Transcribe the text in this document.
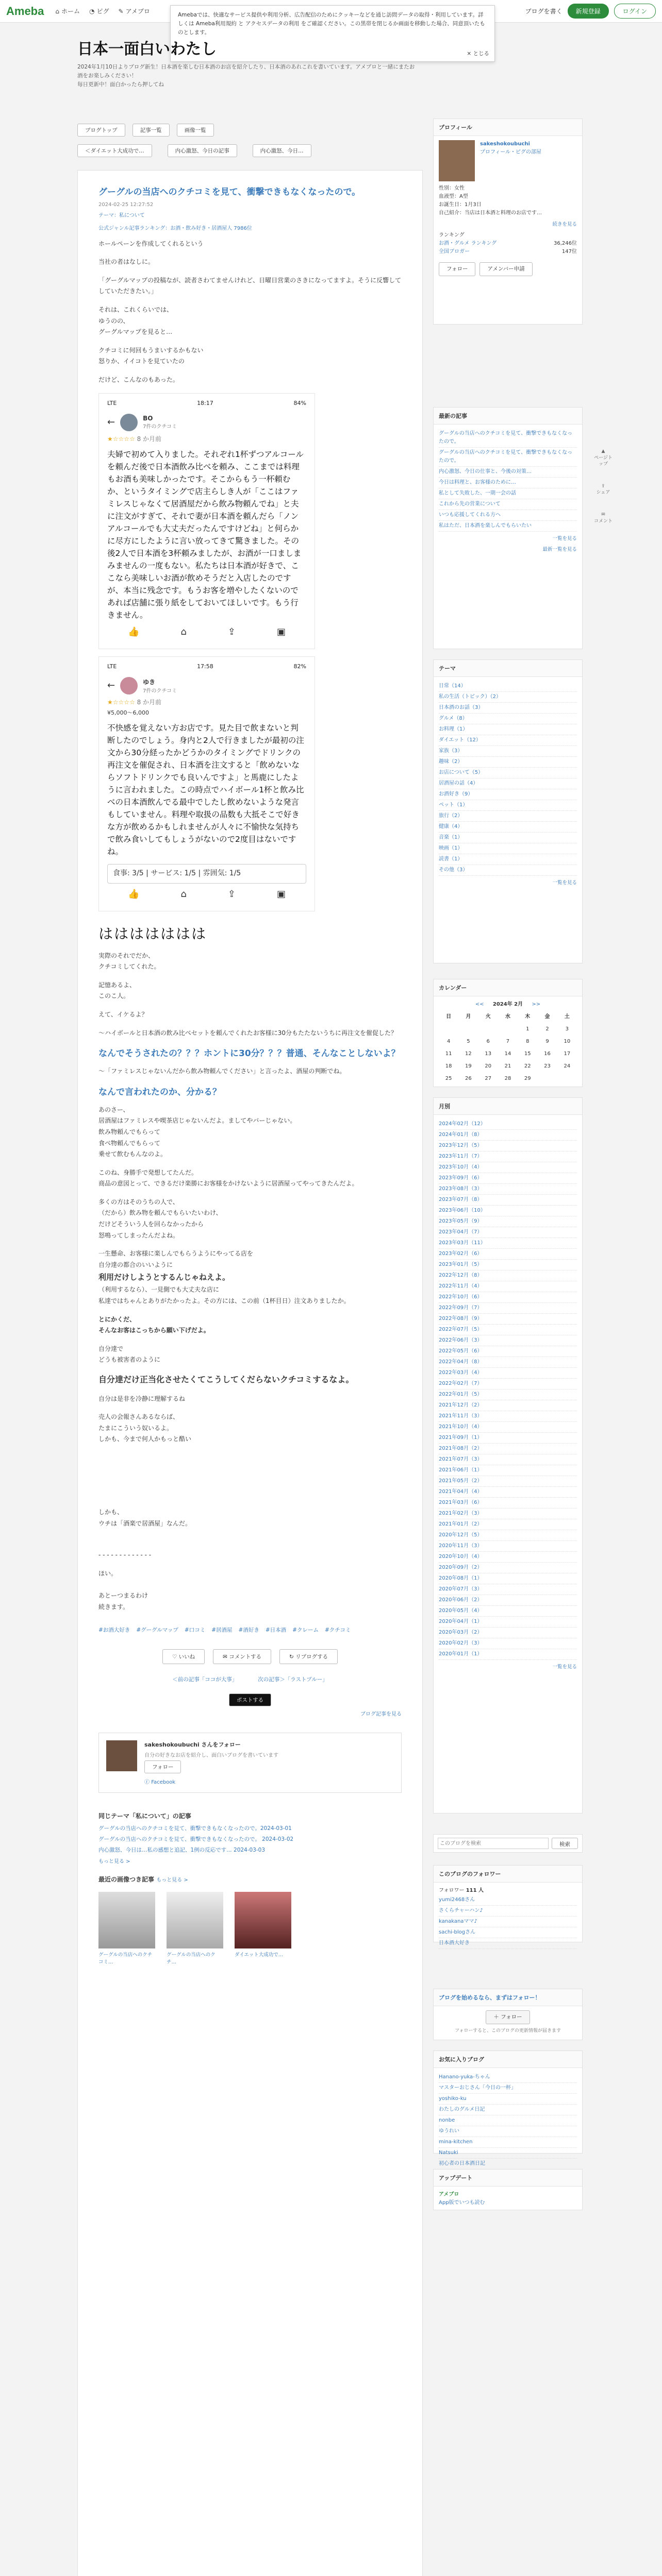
Ameba ⌂ ホーム ◔ ピグ ✎ アメブロ	ブログを書く	新規登録	ログイン
Amebaでは、快適なサービス提供や利用分析、広告配信のためにクッキーなどを通じ訪問データの取得・利用しています。詳しくは Ameba利用規約 と アクセスデータの利用 をご確認ください。この黒帯を閉じるか画面を移動した場合、同意頂いたものとします。
× とじる
日本一面白いわたし
2024年1月10日よりブログ新生！日本酒を楽しむ日本酒のお店を紹介したり、日本酒のあれこれを書いています。アメブロと一緒にまたお酒をお楽しみください！
毎日更新中！面白かったら押してね
ブログトップ	記事一覧	画像一覧
＜ダイエット大成功で…	内心激怒、今日の記事	内心激怒、今日…
グーグルの当店へのクチコミを見て、衝撃できもなくなったので。
2024-02-25 12:27:52
テーマ：私について
公式ジャンル記事ランキング：お酒・飲み好き・居酒屋人 7986位

ホールペーンを作成してくれるという

当社の者はなしに。

「グーグルマップの投稿なが、読者さわてませんけれど、日曜日営業のさきになってますよ。そうに反響してしていただきたい。」

それは、これくらいでは、

ゆうのの、

グーグルマップを見ると…

クチコミに何回もうまいするかもない

怒りか、イイコトを見ていたの

だけど、こんなのもあった。

LTE	18:17	84%
←	BO
7件のクチコミ
★☆☆☆☆ 8 か月前
夫婦で初めて入りました。それぞれ1杯ずつアルコールを頼んだ後で日本酒飲み比べを頼み、ここまでは料理もお酒も美味しかったです。そこからもう一杯頼むか、というタイミングで店主らしき人が「ここはファミレスじゃなくて居酒屋だから飲み物頼んでね」と夫に注文がすぎて、それで妻が日本酒を頼んだら「ノンアルコールでも大丈夫だったんですけどね」と何らかに尽方にしたように言い放ってきて驚きました。その後2人で日本酒を3杯頼みましたが、お酒が一口ましまみませんの一度もない。私たちは日本酒が好きで、ここなら美味しいお酒が飲めそうだと入店したのですが、本当に残念です。もうお客を増やしたくないのであれば店舗に張り紙をしておいてほしいです。もう行きません。
👍	⌂	⇪	▣
LTE	17:58	82%
←	ゆき
7件のクチコミ
★☆☆☆☆ 8 か月前
¥5,000～6,000
不快感を覚えない方お店です。見た目で飲まないと判断したのでしょう。身内と2人で行きましたが最初の注文から30分経ったかどうかのタイミングでドリンクの再注文を催促され、日本酒を注文すると「飲めないならソフトドリンクでも良いんですよ」と馬鹿にしたように言われました。この時点でハイボール1杯と飲み比べの日本酒飲んでる最中でしたし飲めないような発言もしていません。料理や取扱の品数も大抵そこで好きな方が飲めるかもしれませんが人々に不愉快な気持ちで飲み食いしてもしょうがないので2度目はないですね。
食事: 3/5 | サービス: 1/5 | 雰囲気: 1/5
👍	⌂	⇪	▣
ははははははは

実際のそれでだか、
クチコミしてくれた。

記憶あるよ、
このこ人。

えて、イケるよ？

～ハイボールと日本酒の飲み比べセットを頼んでくれたお客様に30分もたたないうちに再注文を催促した？

なんでそうされたの？？？ホントに30分？？？普通、そんなことしないよ？

～「ファミレスじゃないんだから飲み物頼んでください」と言ったよ、酒屋の判断でね。

なんで言われたのか、分かる？

あのさー、
居酒屋はファミレスや喫茶店じゃないんだよ。ましてやバーじゃない。
飲み物頼んでもらって
食べ物頼んでもらって
乗せて飲むもんなのよ。

このね、身勝手で発想してたんだ。
商品の意図とって、できるだけ楽勝にお客様をかけないように居酒屋ってやってきたんだよ。

多くの方はそのうちの人で、
（だから）飲み物を頼んでもらいたいわけ、
だけどそういう人を回らなかったから
怒鳴ってしまったんだよね。

一生懸命、お客様に楽しんでもらうようにやってる店を
自分達の都合のいいように
利用だけしようとするんじゃねえよ。
（利用するなら）、一見側でも大丈夫な店に
私達ではちゃんとありがたかったよ。その方には、この前（1杯目日）注文ありましたか。

とにかくだ、
そんなお客はこっちから願い下げだよ。

自分達で
どうも被害者のように

自分達だけ正当化させたくてこうしてくだらないクチコミするなよ。

自分は是非を冷静に理解するね

売人の会報さんあるならば、
たまにこういう奴いるよ。
しかも、今まで何人かもっと酷い

しかも、
ウチは「酒楽で居酒屋」なんだ。

- - - - - - - - - - - - -

ほい。

あとーつまるわけ
続きます。

#お酒大好き #グーグルマップ #口コミ #居酒屋 #酒好き #日本酒 #クレーム #クチコミ
♡ いいね	✉ コメントする	↻ リブログする
＜前の記事「ココが大事」	次の記事＞「ラストブルー」
ポストする
ブログ記事を見る
sakeshokoubuchi さんをフォロー
自分の好きなお店を紹介し、面白いブログを書いています
フォロー
ⓕ Facebook
同じテーマ「私について」の記事
グーグルの当店へのクチコミを見て、衝撃できもなくなったので。2024-03-01
グーグルの当店へのクチコミを見て、衝撃できもなくなったので。 2024-03-02
内心激怒、今日は…私の感想と追記、1例の反応です… 2024-03-03
もっと見る >
最近の画像つき記事 もっと見る >
グーグルの当店へのクチコミ…
グーグルの当店へのクチ…
ダイエット大成功で…
プロフィール
sakeshokoubuchi
プロフィール・ピグの部屋
性別：女性
血液型：A型
お誕生日：1月3日
自己紹介：当店は日本酒と料理のお店です…
続きを見る
ランキング
お酒・グルメ ランキング	36,246位
全国ブロガー	147位
フォロー	アメンバー申請
最新の記事
グーグルの当店へのクチコミを見て、衝撃できもなくなったので。
グーグルの当店へのクチコミを見て、衝撃できもなくなったので。
内心激怒、今日の仕事と、今後の対策…
今日は料理と、お客様のために…
私として失敗した、一期一会の話
これから先の営業について
いつも応援してくれる方へ
私はただ、日本酒を楽しんでもらいたい
一覧を見る
最新一覧を見る
テーマ
日常（14）
私の生活（トピック）（2）
日本酒のお話（3）
グルメ（8）
お料理（1）
ダイエット（12）
家族（3）
趣味（2）
お店について（5）
居酒屋の話（4）
お酒好き（9）
ペット（1）
旅行（2）
健康（4）
音楽（1）
映画（1）
読書（1）
その他（3）
一覧を見る
カレンダー
<< 2024年 2月 >>
日	月	火	水	木	金	土
				1	2	3
4	5	6	7	8	9	10
11	12	13	14	15	16	17
18	19	20	21	22	23	24
25	26	27	28	29		
月別
2024年02月（12）
2024年01月（8）
2023年12月（5）
2023年11月（7）
2023年10月（4）
2023年09月（6）
2023年08月（3）
2023年07月（8）
2023年06月（10）
2023年05月（9）
2023年04月（7）
2023年03月（11）
2023年02月（6）
2023年01月（5）
2022年12月（8）
2022年11月（4）
2022年10月（6）
2022年09月（7）
2022年08月（9）
2022年07月（5）
2022年06月（3）
2022年05月（6）
2022年04月（8）
2022年03月（4）
2022年02月（7）
2022年01月（5）
2021年12月（2）
2021年11月（3）
2021年10月（4）
2021年09月（1）
2021年08月（2）
2021年07月（3）
2021年06月（1）
2021年05月（2）
2021年04月（4）
2021年03月（6）
2021年02月（3）
2021年01月（2）
2020年12月（5）
2020年11月（3）
2020年10月（4）
2020年09月（2）
2020年08月（1）
2020年07月（3）
2020年06月（2）
2020年05月（4）
2020年04月（1）
2020年03月（2）
2020年02月（3）
2020年01月（1）
一覧を見る
このブログを検索
検索
このブログのフォロワー
フォロワー 111 人
yumi2468さん
さくらチャーハン♪
kanakanaママ♪
sachi-blogさん
日本酒大好き
ブログを始めるなら、まずはフォロー！
＋ フォロー
フォローすると、このブログの更新情報が届きます
お気に入りブログ
Hanano-yuka-ちゃん
マスターおじさん「今日の一杯」
yoshiko-ku
わたしのグルメ日記
nonbe
ゆうれい
mina-kitchen
Natsuki
初心者の日本酒日記
アップデート
アメブロ
App版でいつも読む
▲
ページトップ
⇪
シェア
✉
コメント
